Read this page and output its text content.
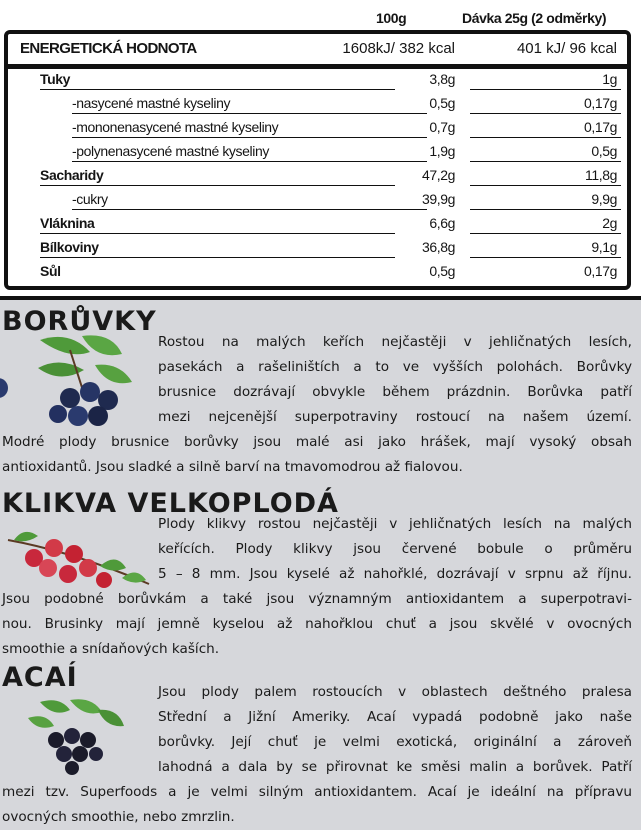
100g	Dávka 25g (2 odměrky)
ENERGETICKÁ HODNOTA	1608kJ/ 382 kcal	401 kJ/ 96 kcal
Tuky	3,8g	1g
-nasycené mastné kyseliny	0,5g	0,17g
-mononenasycené mastné kyseliny	0,7g	0,17g
-polynenasycené mastné kyseliny	1,9g	0,5g
Sacharidy	47,2g	11,8g
-cukry	39,9g	9,9g
Vláknina	6,6g	2g
Bílkoviny	36,8g	9,1g
Sůl	0,5g	0,17g
BORŮVKY
Rostou na malých keřích nejčastěji v jehličnatých lesích,
pasekách a rašeliništích a to ve vyšších polohách. Borůvky
brusnice dozrávají obvykle během prázdnin. Borůvka patří
mezi nejcenější superpotraviny rostoucí na našem území.
Modré plody brusnice borůvky jsou malé asi jako hrášek, mají vysoký obsah
antioxidantů. Jsou sladké a silně barví na tmavomodrou až fialovou.
KLIKVA VELKOPLODÁ
Plody klikvy rostou nejčastěji v jehličnatých lesích na malých
keřících. Plody klikvy jsou červené bobule o průměru
5 – 8 mm. Jsou kyselé až nahořklé, dozrávají v srpnu až říjnu.
Jsou podobné borůvkám a také jsou významným antioxidantem a superpotravi-
nou. Brusinky mají jemně kyselou až nahořklou chuť a jsou skvělé v ovocných
smoothie a snídaňových kaších.
ACAÍ	Jsou plody palem rostoucích v oblastech deštného pralesa
Střední a Jižní Ameriky. Acaí vypadá podobně jako naše
borůvky. Její chuť je velmi exotická, originální a zároveň
lahodná a dala by se přirovnat ke směsi malin a borůvek. Patří
mezi tzv. Superfoods a je velmi silným antioxidantem. Acaí je ideální na přípravu
ovocných smoothie, nebo zmrzlin.
